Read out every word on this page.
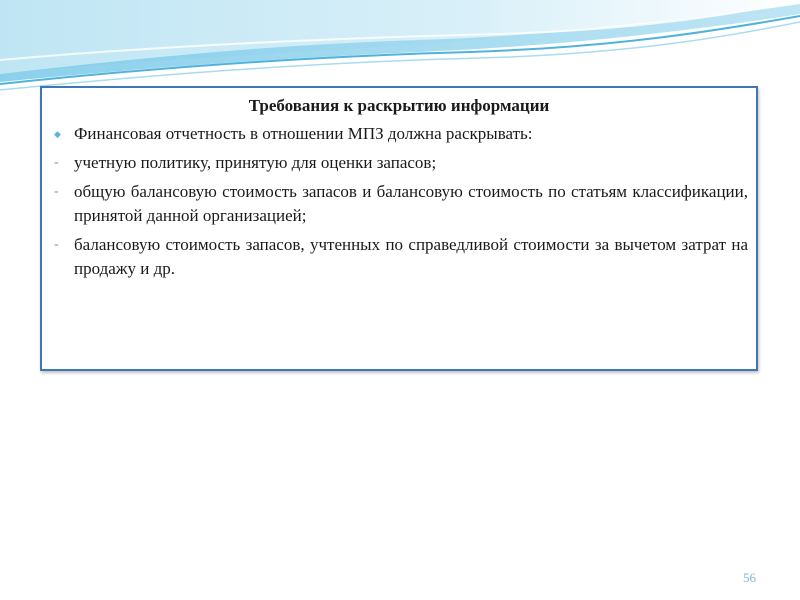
Требования к раскрытию информации
◆ Финансовая отчетность в отношении МПЗ должна раскрывать:
- учетную политику, принятую для оценки запасов;
- общую балансовую стоимость запасов и балансовую стоимость по статьям классификации, принятой данной организацией;
- балансовую стоимость запасов, учтенных по справедливой стоимости за вычетом затрат на продажу и др.
56
